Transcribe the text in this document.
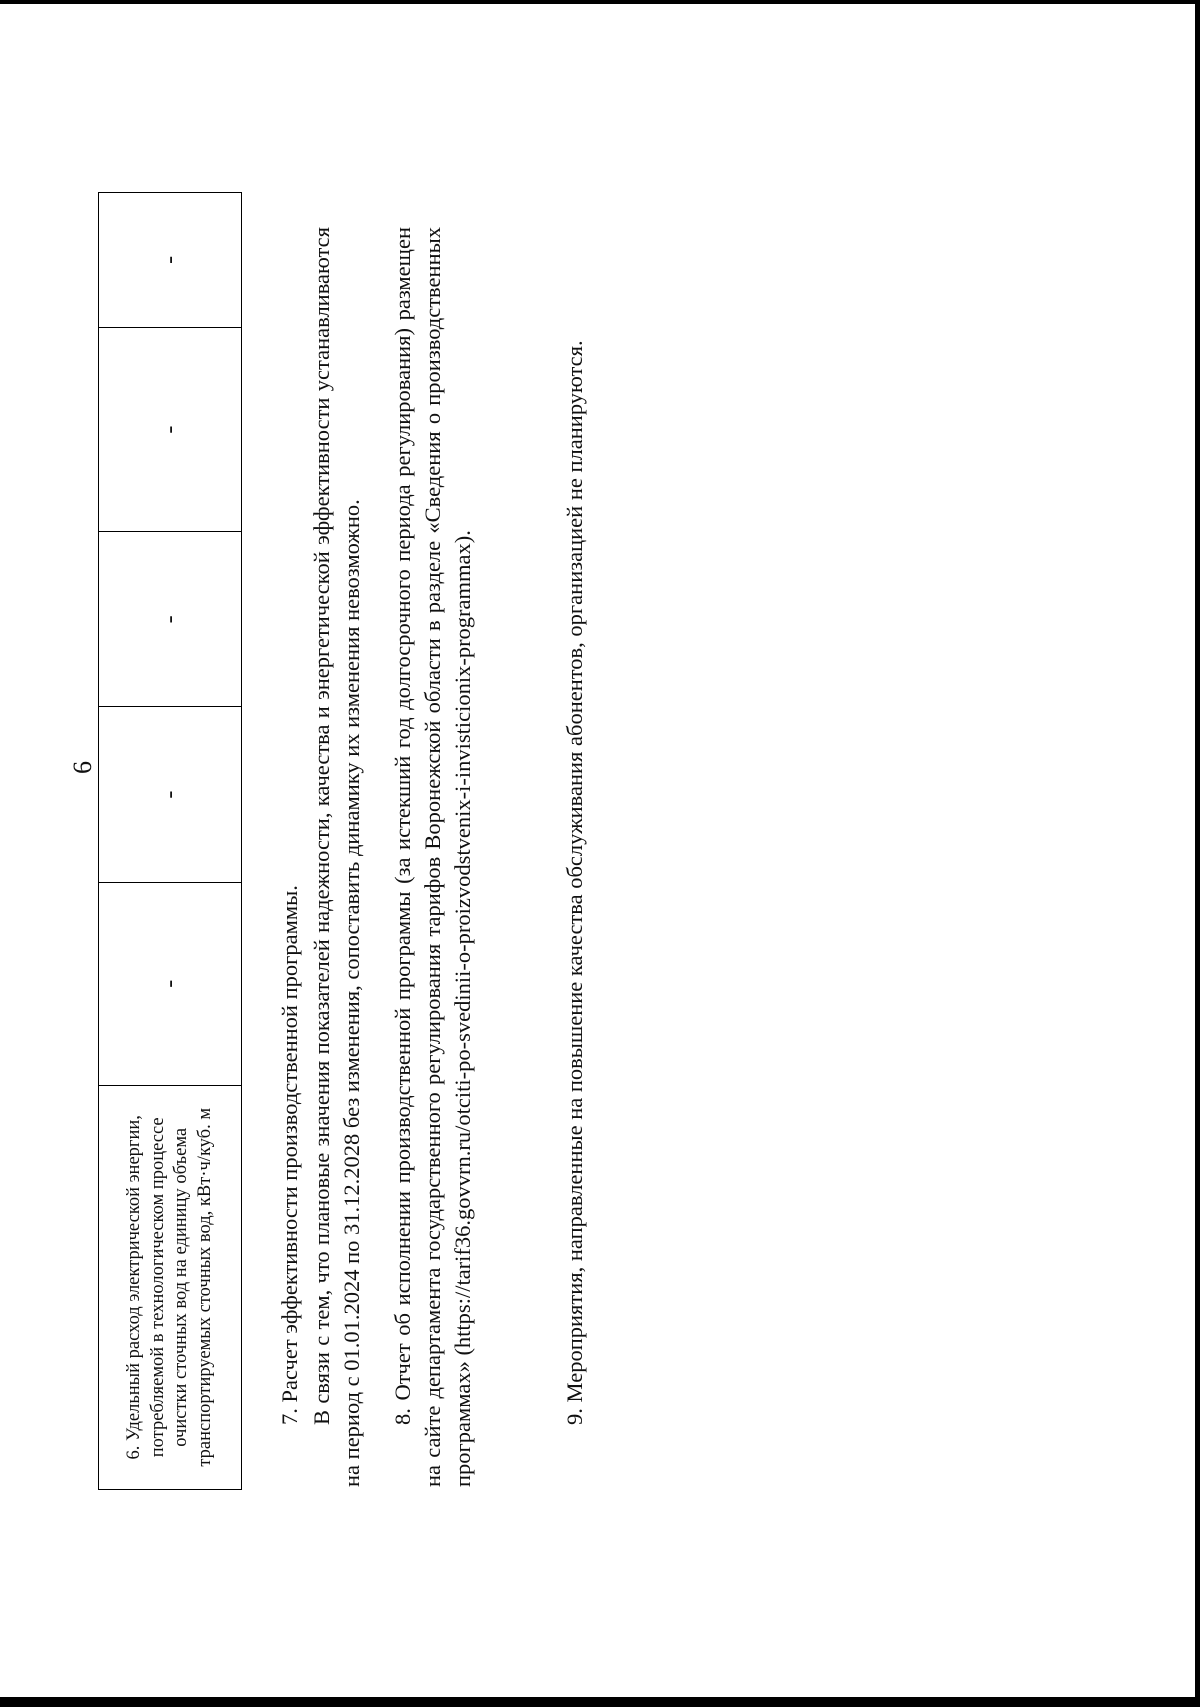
6
6. Удельный расход электрической энергии, потребляемой в технологическом процессе очистки сточных вод на единицу объема транспортируемых сточных вод, кВт·ч/куб. м
-
-
-
-
-
7. Расчет эффективности производственной программы. В связи с тем, что плановые значения показателей надежности, качества и энергетической эффективности устанавливаются на период с 01.01.2024 по 31.12.2028 без изменения, сопоставить динамику их изменения невозможно. 8. Отчет об исполнении производственной программы (за истекший год долгосрочного периода регулирования) размещен на сайте департамента государственного регулирования тарифов Воронежской области в разделе «Сведения о производственных программах» (https://tarif36.govvrn.ru/otciti-po-svedinii-o-proizvodstvenix-i-invisticionix-programmax).	9. Мероприятия, направленные на повышение качества обслуживания абонентов, организацией не планируются.
